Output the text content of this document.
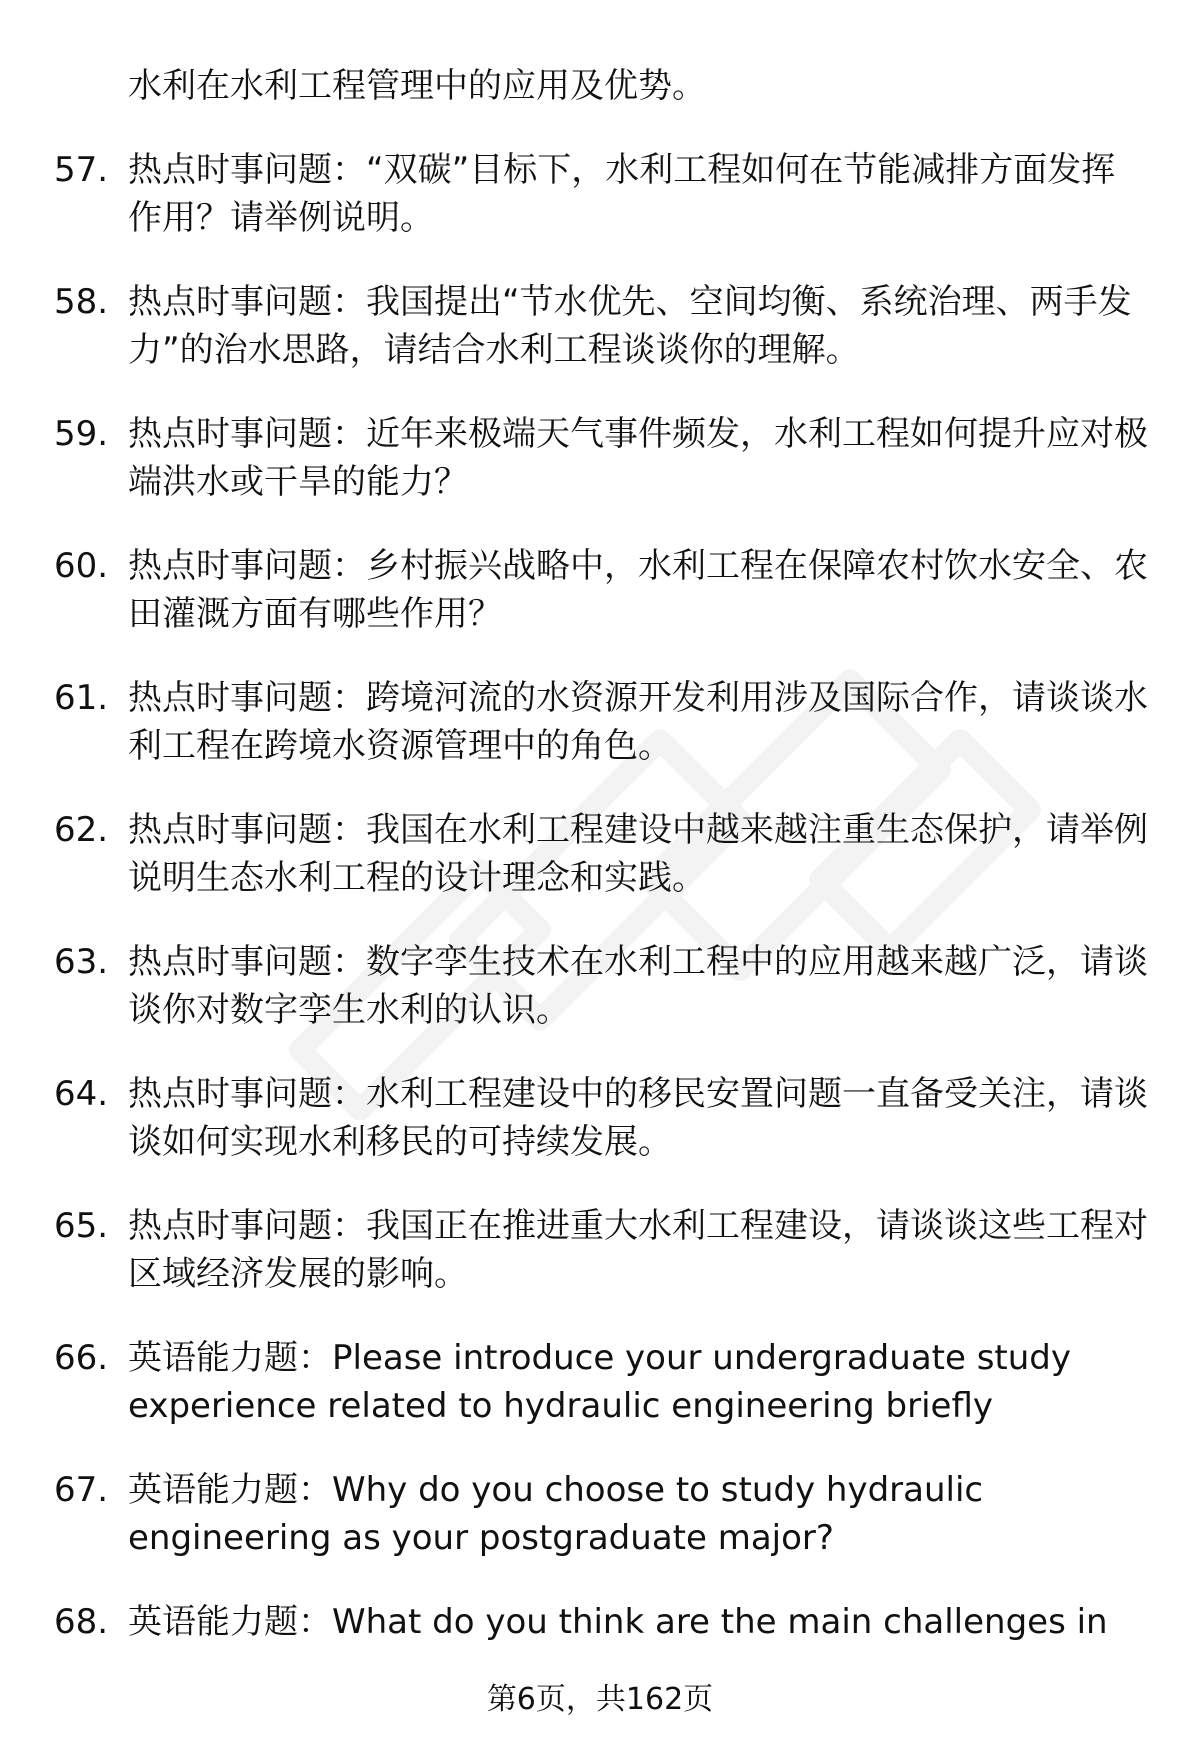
水利在水利工程管理中的应用及优势。
57. 热点时事问题：“双碳”目标下，水利工程如何在节能减排方面发挥作用？请举例说明。
58. 热点时事问题：我国提出“节水优先、空间均衡、系统治理、两手发力”的治水思路，请结合水利工程谈谈你的理解。
59. 热点时事问题：近年来极端天气事件频发，水利工程如何提升应对极端洪水或干旱的能力？
60. 热点时事问题：乡村振兴战略中，水利工程在保障农村饮水安全、农田灌溉方面有哪些作用？
61. 热点时事问题：跨境河流的水资源开发利用涉及国际合作，请谈谈水利工程在跨境水资源管理中的角色。
62. 热点时事问题：我国在水利工程建设中越来越注重生态保护，请举例说明生态水利工程的设计理念和实践。
63. 热点时事问题：数字孪生技术在水利工程中的应用越来越广泛，请谈谈你对数字孪生水利的认识。
64. 热点时事问题：水利工程建设中的移民安置问题一直备受关注，请谈谈如何实现水利移民的可持续发展。
65. 热点时事问题：我国正在推进重大水利工程建设，请谈谈这些工程对区域经济发展的影响。
66. 英语能力题：Please introduce your undergraduate study experience related to hydraulic engineering briefly
67. 英语能力题：Why do you choose to study hydraulic engineering as your postgraduate major?
68. 英语能力题：What do you think are the main challenges in
第6页，共162页
